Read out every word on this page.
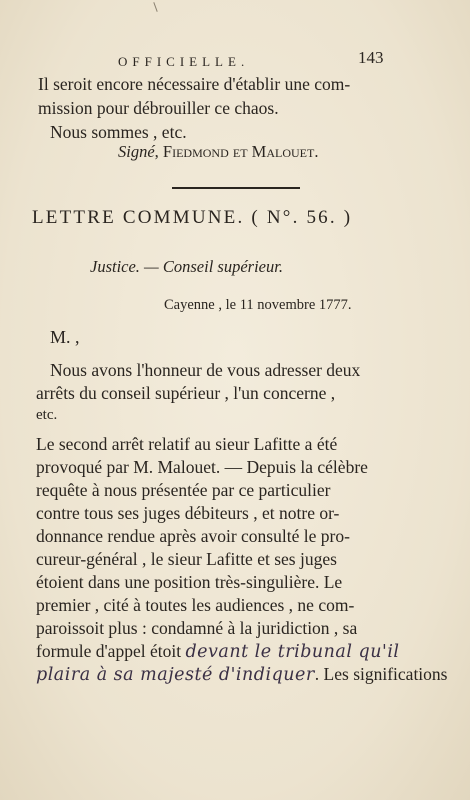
OFFICIELLE.	143
Il seroit encore nécessaire d'établir une com-
mission pour débrouiller ce chaos.
Nous sommes , etc.
Signé, Fiedmond et Malouet.
LETTRE COMMUNE. ( N°. 56. )
Justice. — Conseil supérieur.
Cayenne , le 11 novembre 1777.
M. ,
Nous avons l'honneur de vous adresser deux
arrêts du conseil supérieur , l'un concerne ,
etc.
Le second arrêt relatif au sieur Lafitte a été
provoqué par M. Malouet. — Depuis la célèbre
requête à nous présentée par ce particulier
contre tous ses juges débiteurs , et notre or-
donnance rendue après avoir consulté le pro-
cureur-général , le sieur Lafitte et ses juges
étoient dans une position très-singulière. Le
premier , cité à toutes les audiences , ne com-
paroissoit plus : condamné à la juridiction , sa
formule d'appel étoit devant le tribunal qu'il
plaira à sa majesté d'indiquer. Les significations
